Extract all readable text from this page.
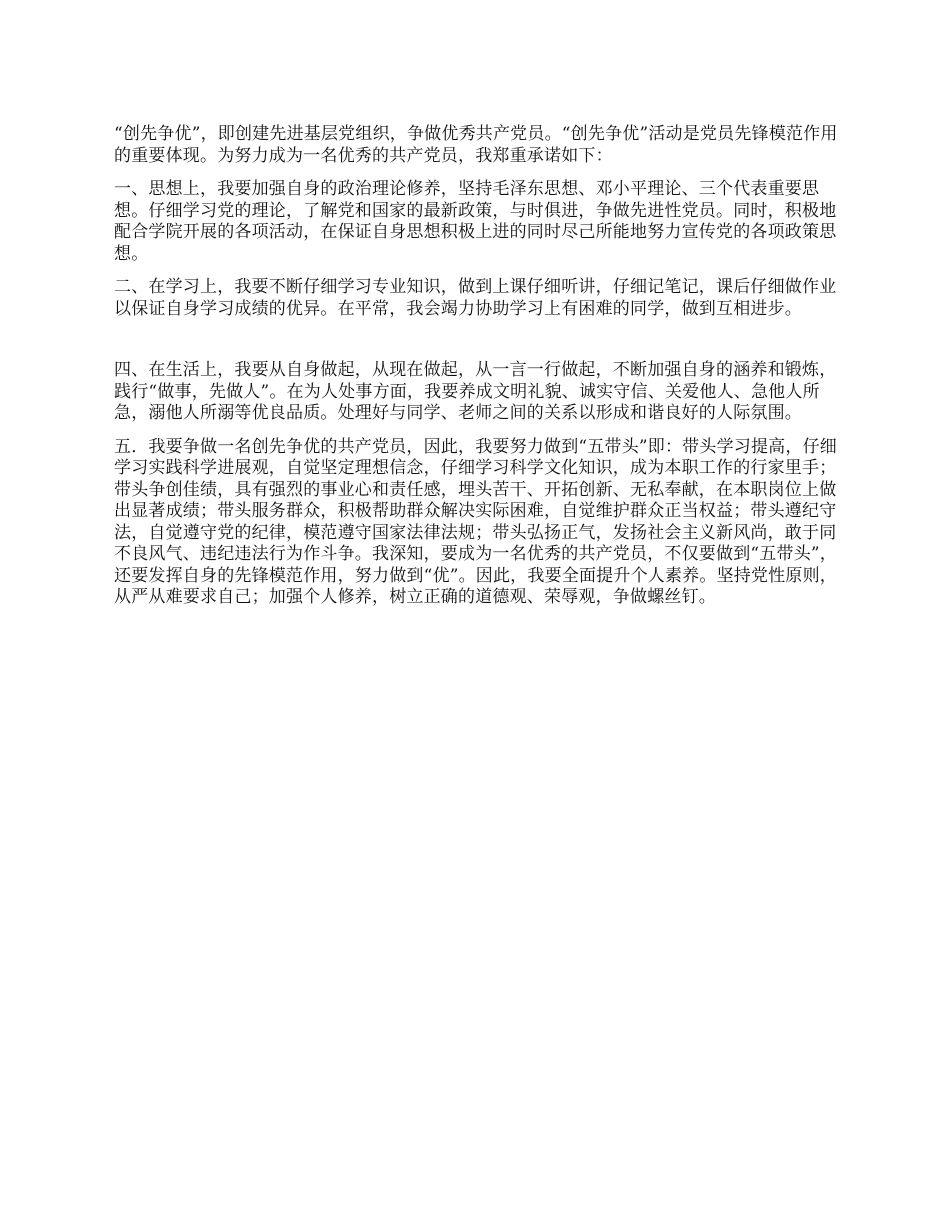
“创先争优”，即创建先进基层党组织，争做优秀共产党员。“创先争优”活动是党员先锋模范作用的重要体现。为努力成为一名优秀的共产党员，我郑重承诺如下：

一、思想上，我要加强自身的政治理论修养，坚持毛泽东思想、邓小平理论、三个代表重要思想。仔细学习党的理论，了解党和国家的最新政策，与时俱进，争做先进性党员。同时，积极地配合学院开展的各项活动，在保证自身思想积极上进的同时尽己所能地努力宣传党的各项政策思想。

二、在学习上，我要不断仔细学习专业知识，做到上课仔细听讲，仔细记笔记，课后仔细做作业以保证自身学习成绩的优异。在平常，我会竭力协助学习上有困难的同学，做到互相进步。

四、在生活上，我要从自身做起，从现在做起，从一言一行做起，不断加强自身的涵养和锻炼，践行“做事，先做人”。在为人处事方面，我要养成文明礼貌、诚实守信、关爱他人、急他人所急，溺他人所溺等优良品质。处理好与同学、老师之间的关系以形成和谐良好的人际氛围。

五．我要争做一名创先争优的共产党员，因此，我要努力做到“五带头”即：带头学习提高，仔细学习实践科学进展观，自觉坚定理想信念，仔细学习科学文化知识，成为本职工作的行家里手；带头争创佳绩，具有强烈的事业心和责任感，埋头苦干、开拓创新、无私奉献，在本职岗位上做出显著成绩；带头服务群众，积极帮助群众解决实际困难，自觉维护群众正当权益；带头遵纪守法，自觉遵守党的纪律，模范遵守国家法律法规；带头弘扬正气，发扬社会主义新风尚，敢于同不良风气、违纪违法行为作斗争。我深知，要成为一名优秀的共产党员，不仅要做到“五带头”，还要发挥自身的先锋模范作用，努力做到“优”。因此，我要全面提升个人素养。坚持党性原则，从严从难要求自己；加强个人修养，树立正确的道德观、荣辱观，争做螺丝钉。
